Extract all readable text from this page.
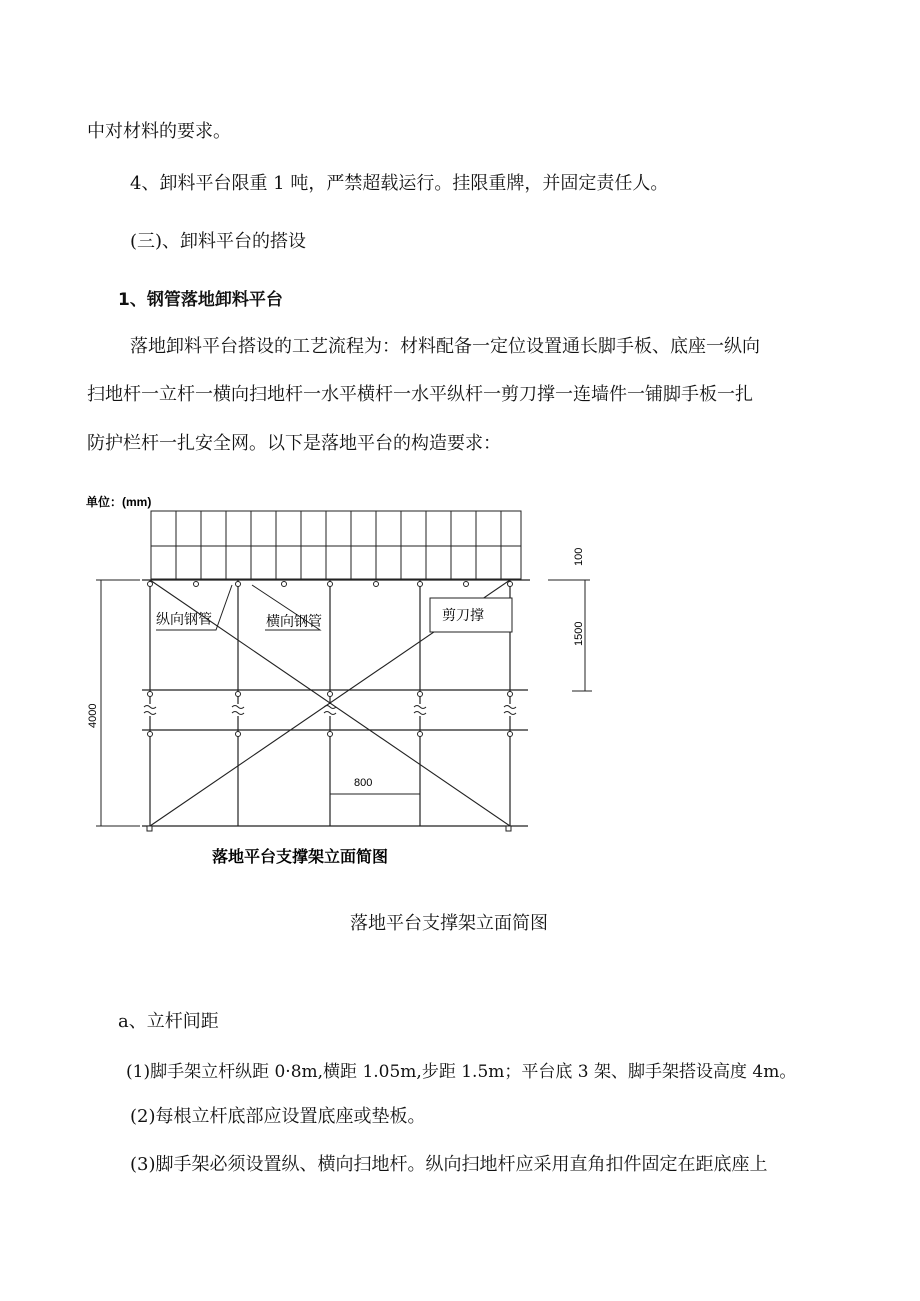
中对材料的要求。
4、卸料平台限重 1 吨，严禁超载运行。挂限重牌，并固定责任人。
(三)、卸料平台的搭设
1、钢管落地卸料平台
落地卸料平台搭设的工艺流程为：材料配备一定位设置通长脚手板、底座一纵向
扫地杆一立杆一横向扫地杆一水平横杆一水平纵杆一剪刀撑一连墙件一铺脚手板一扎
防护栏杆一扎安全网。以下是落地平台的构造要求：
单位：(mm)
纵向钢管	横向钢管	剪刀撑
100
1500
4000
800
落地平台支撑架立面简图
落地平台支撑架立面简图
a、立杆间距
(1)脚手架立杆纵距 0·8m,横距 1.05m,步距 1.5m；平台底 3 架、脚手架搭设高度 4m。
(2)每根立杆底部应设置底座或垫板。
(3)脚手架必须设置纵、横向扫地杆。纵向扫地杆应采用直角扣件固定在距底座上
